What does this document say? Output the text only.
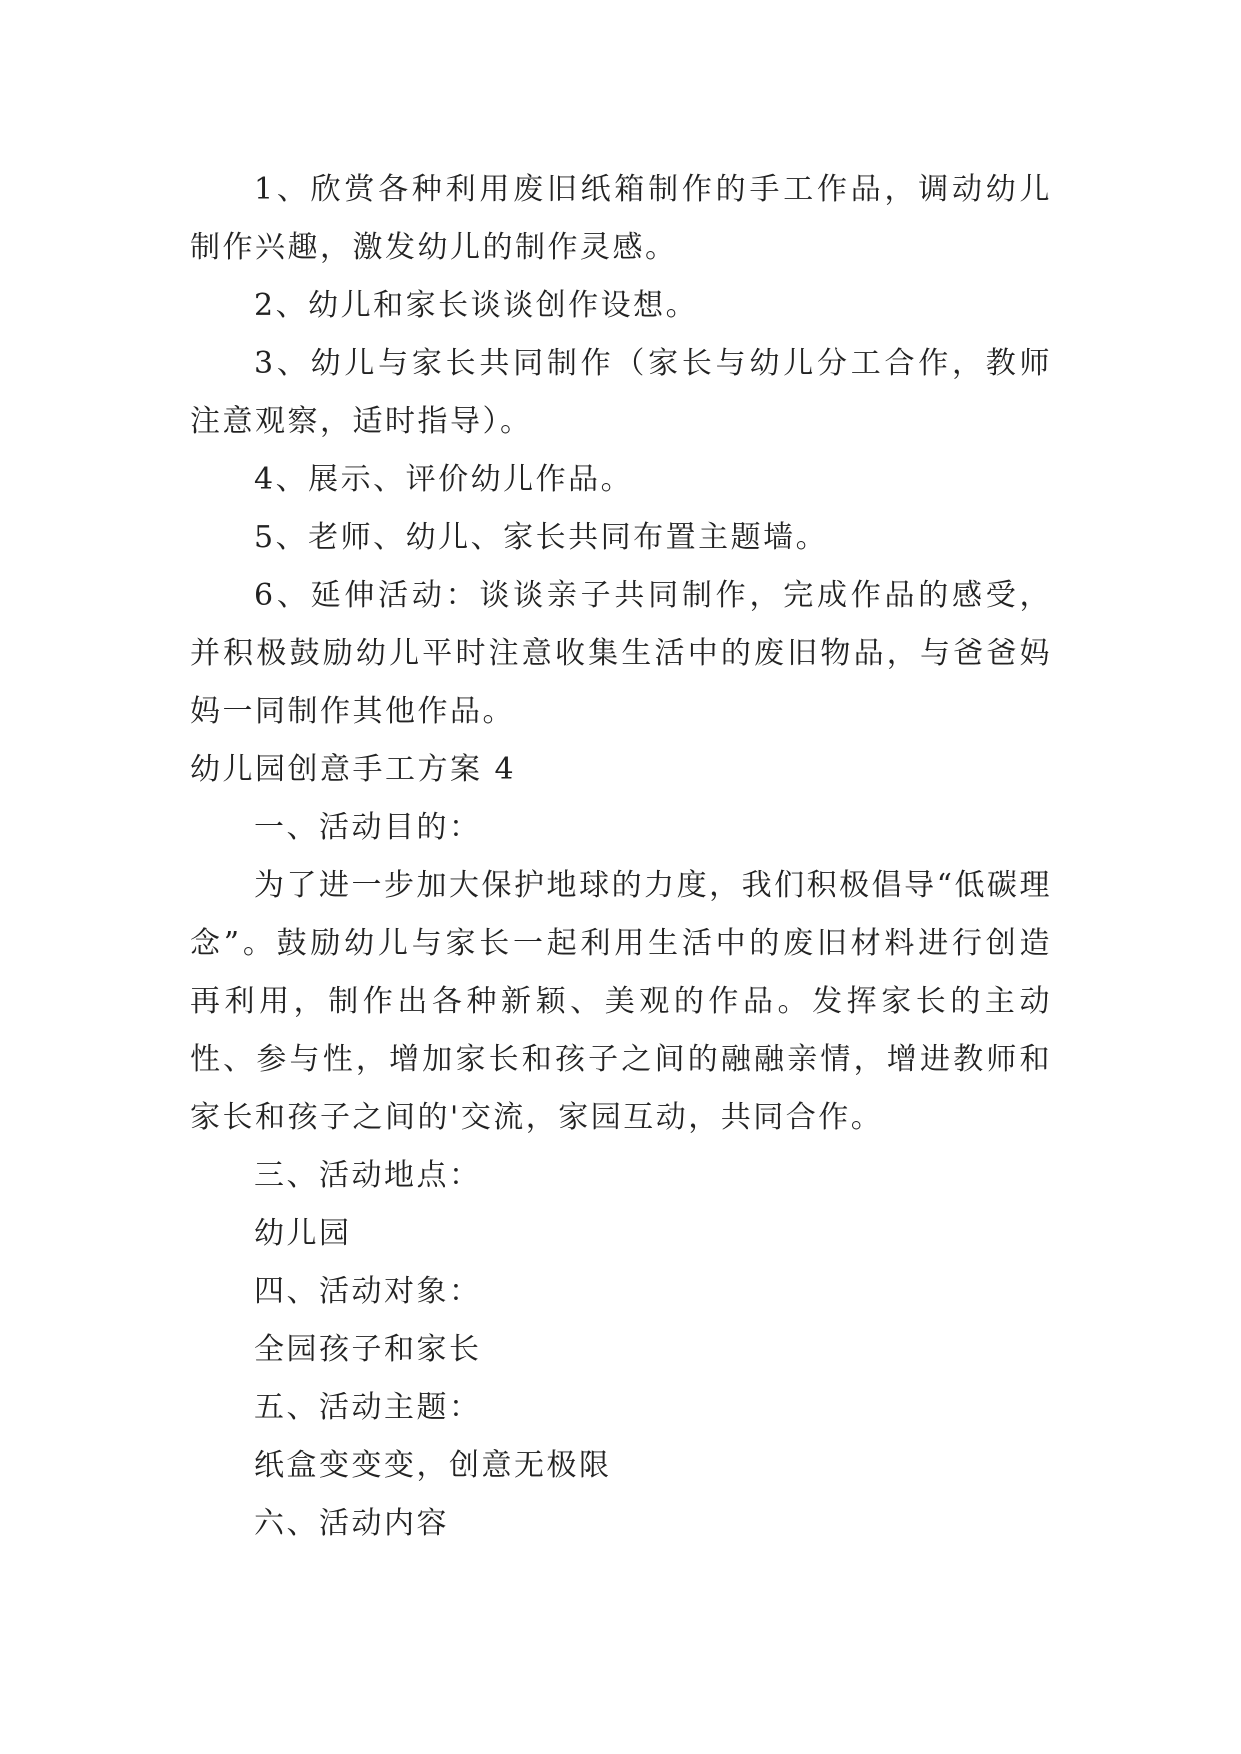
1、欣赏各种利用废旧纸箱制作的手工作品，调动幼儿制作兴趣，激发幼儿的制作灵感。

2、幼儿和家长谈谈创作设想。

3、幼儿与家长共同制作（家长与幼儿分工合作，教师注意观察，适时指导）。

4、展示、评价幼儿作品。

5、老师、幼儿、家长共同布置主题墙。

6、延伸活动：谈谈亲子共同制作，完成作品的感受，并积极鼓励幼儿平时注意收集生活中的废旧物品，与爸爸妈妈一同制作其他作品。

幼儿园创意手工方案 4

一、活动目的：

为了进一步加大保护地球的力度，我们积极倡导“低碳理念”。鼓励幼儿与家长一起利用生活中的废旧材料进行创造再利用，制作出各种新颖、美观的作品。发挥家长的主动性、参与性，增加家长和孩子之间的融融亲情，增进教师和家长和孩子之间的'交流，家园互动，共同合作。

三、活动地点：

幼儿园

四、活动对象：

全园孩子和家长

五、活动主题：

纸盒变变变，创意无极限

六、活动内容
